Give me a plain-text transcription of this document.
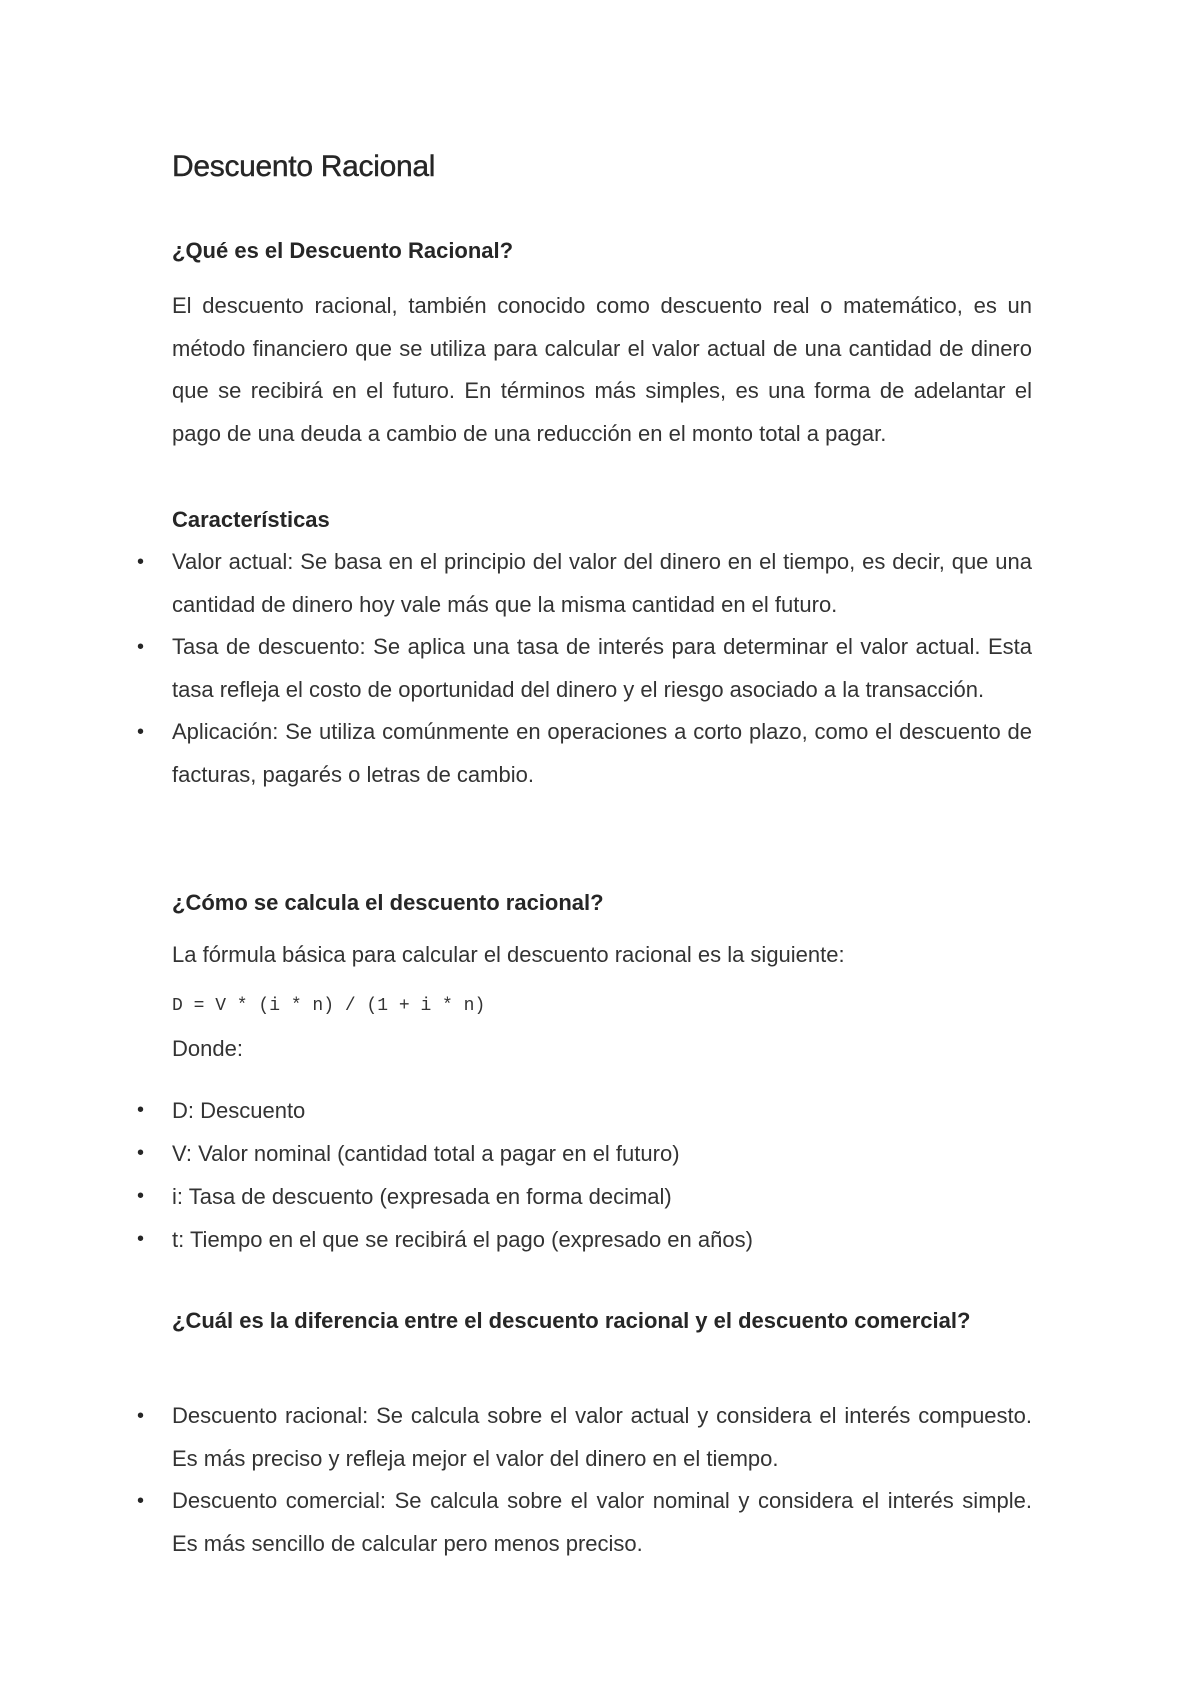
Descuento Racional
¿Qué es el Descuento Racional?

El descuento racional, también conocido como descuento real o matemático, es un método financiero que se utiliza para calcular el valor actual de una cantidad de dinero que se recibirá en el futuro. En términos más simples, es una forma de adelantar el pago de una deuda a cambio de una reducción en el monto total a pagar.

Características
• Valor actual: Se basa en el principio del valor del dinero en el tiempo, es decir, que una cantidad de dinero hoy vale más que la misma cantidad en el futuro.
• Tasa de descuento: Se aplica una tasa de interés para determinar el valor actual. Esta tasa refleja el costo de oportunidad del dinero y el riesgo asociado a la transacción.
• Aplicación: Se utiliza comúnmente en operaciones a corto plazo, como el descuento de facturas, pagarés o letras de cambio.
¿Cómo se calcula el descuento racional?

La fórmula básica para calcular el descuento racional es la siguiente:

D = V * (i * n) / (1 + i * n)

Donde:

• D: Descuento
• V: Valor nominal (cantidad total a pagar en el futuro)
• i: Tasa de descuento (expresada en forma decimal)
• t: Tiempo en el que se recibirá el pago (expresado en años)
¿Cuál es la diferencia entre el descuento racional y el descuento comercial?
• Descuento racional: Se calcula sobre el valor actual y considera el interés compuesto. Es más preciso y refleja mejor el valor del dinero en el tiempo.
• Descuento comercial: Se calcula sobre el valor nominal y considera el interés simple. Es más sencillo de calcular pero menos preciso.
